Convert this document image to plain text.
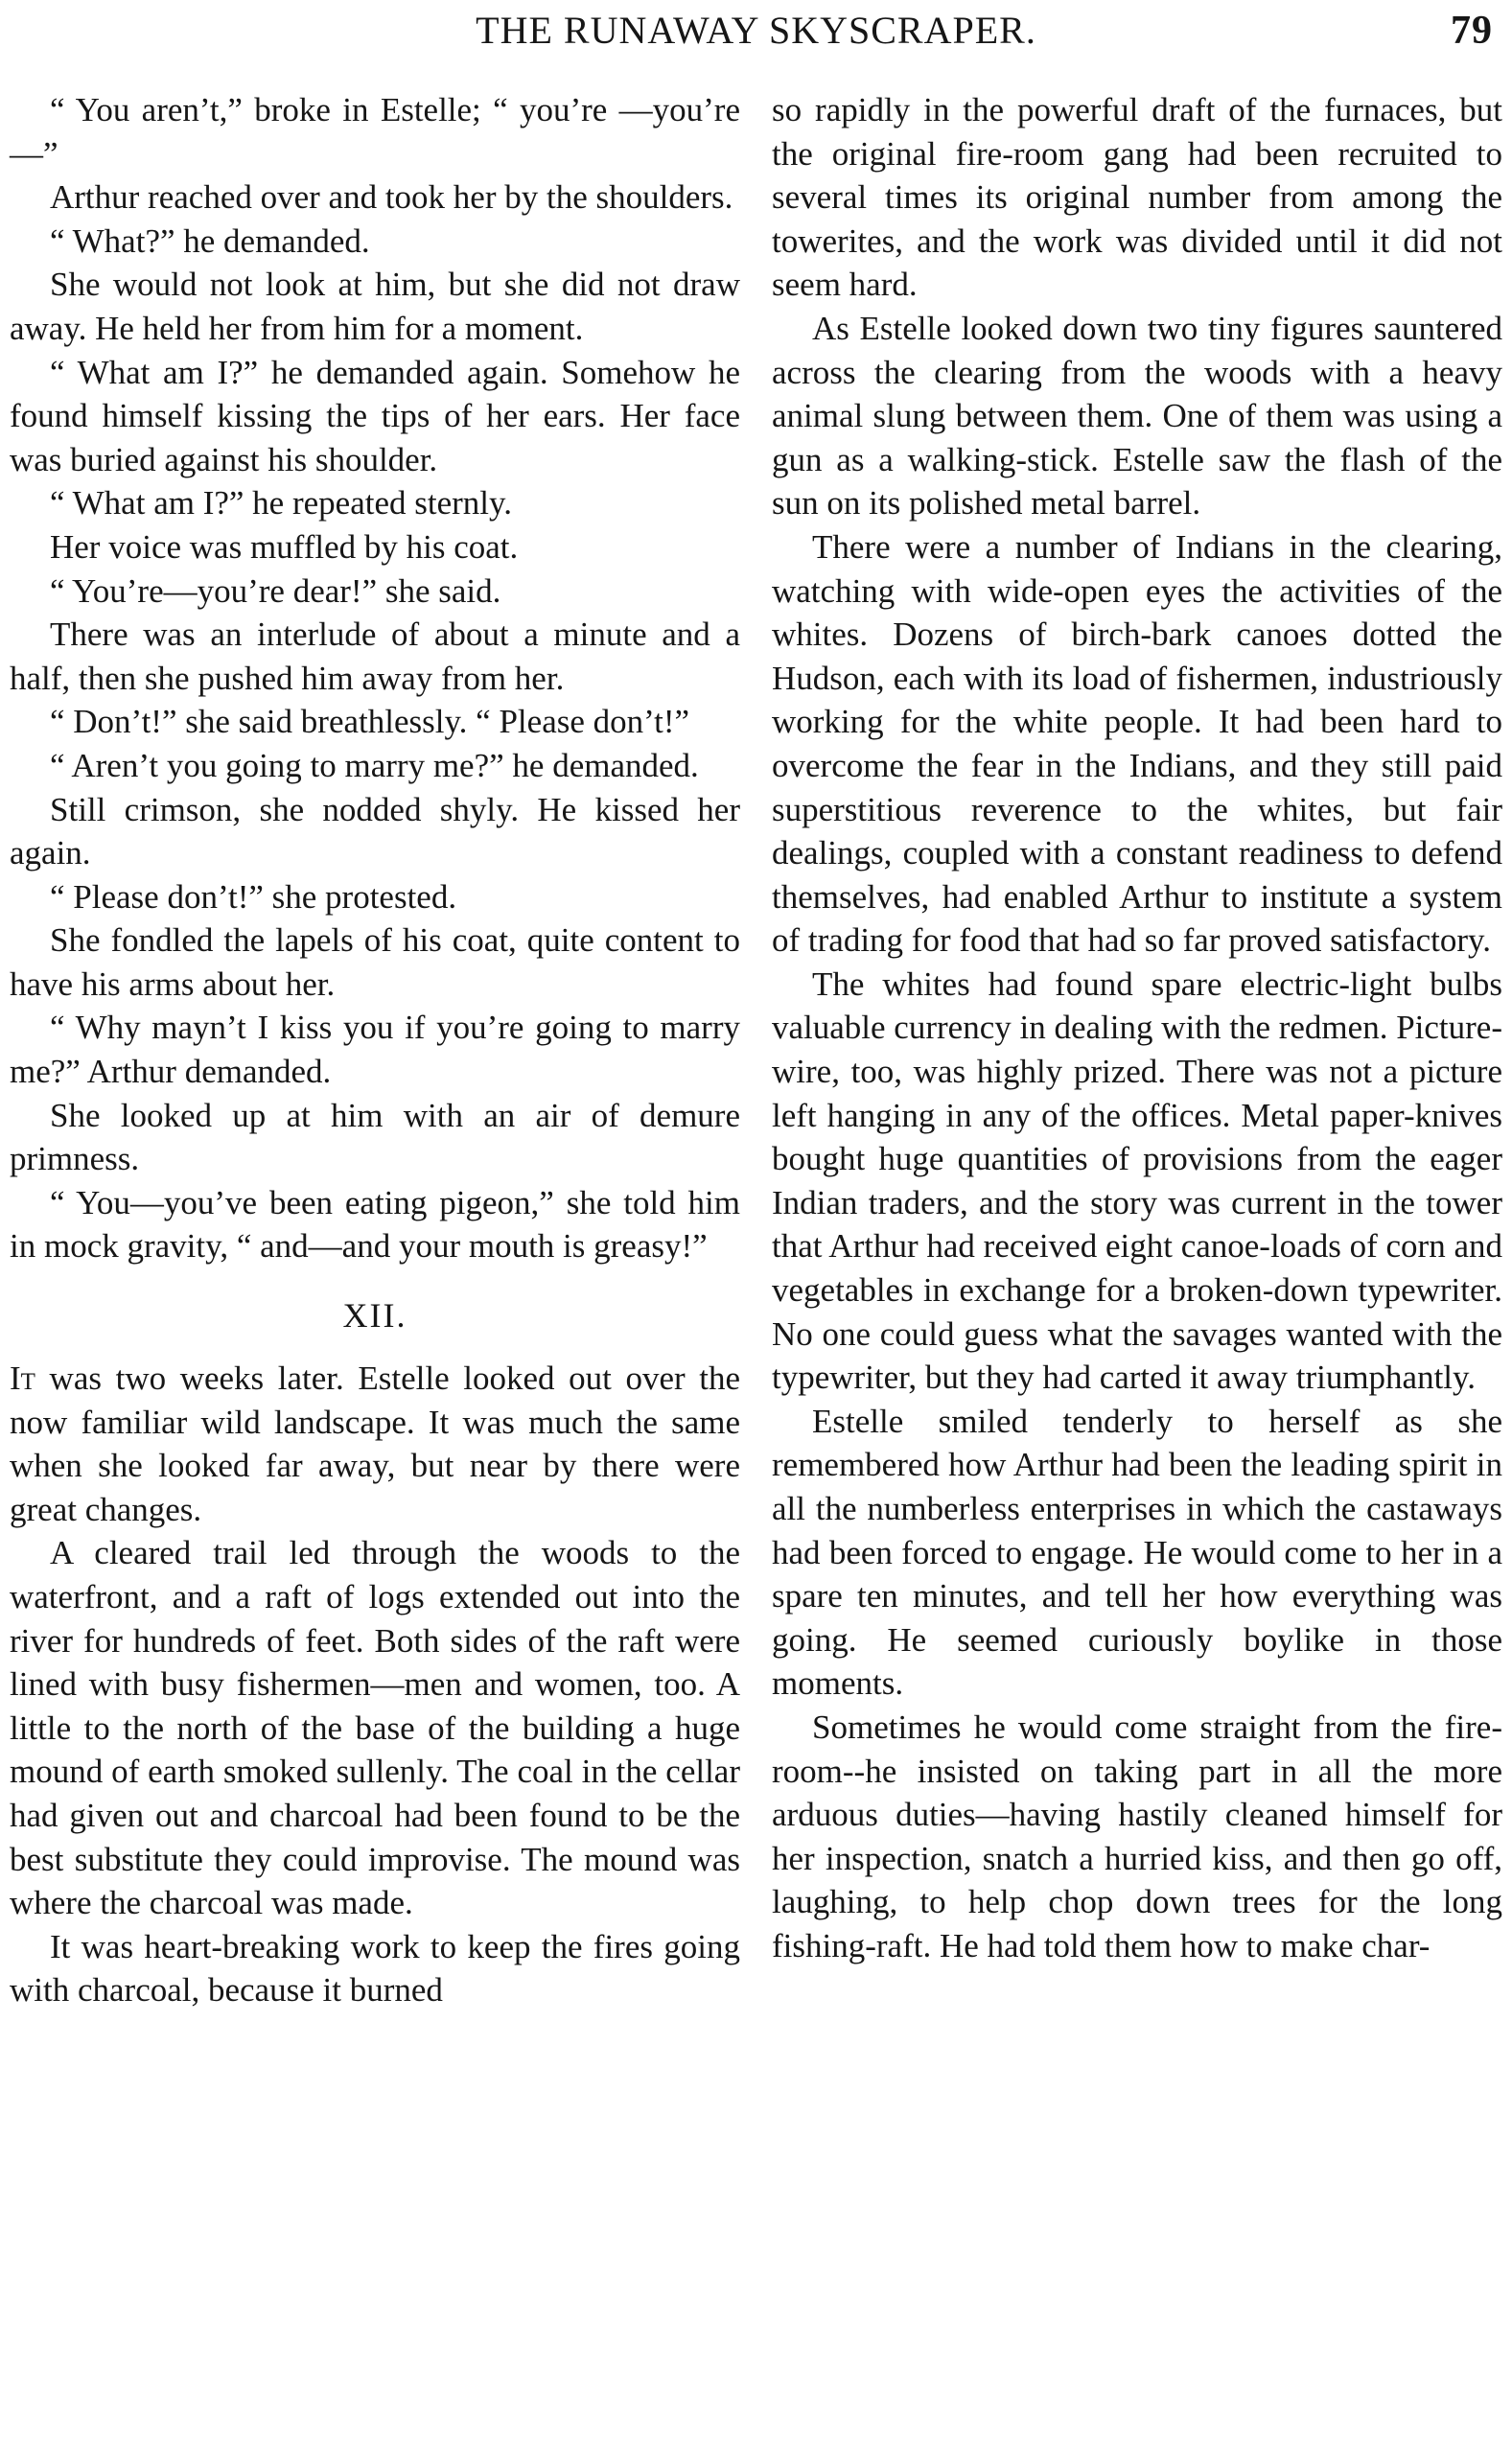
THE RUNAWAY SKYSCRAPER.	79

“ You aren’t,” broke in Estelle; “ you’re —you’re—”

Arthur reached over and took her by the shoulders.

“ What?” he demanded.

She would not look at him, but she did not draw away. He held her from him for a moment.

“ What am I?” he demanded again. Somehow he found himself kissing the tips of her ears. Her face was buried against his shoulder.

“ What am I?” he repeated sternly.

Her voice was muffled by his coat.

“ You’re—you’re dear!” she said.

There was an interlude of about a minute and a half, then she pushed him away from her.

“ Don’t!” she said breathlessly. “ Please don’t!”

“ Aren’t you going to marry me?” he demanded.

Still crimson, she nodded shyly. He kissed her again.

“ Please don’t!” she protested.

She fondled the lapels of his coat, quite content to have his arms about her.

“ Why mayn’t I kiss you if you’re going to marry me?” Arthur demanded.

She looked up at him with an air of demure primness.

“ You—you’ve been eating pigeon,” she told him in mock gravity, “ and—and your mouth is greasy!”

XII.

It was two weeks later. Estelle looked out over the now familiar wild landscape. It was much the same when she looked far away, but near by there were great changes.

A cleared trail led through the woods to the waterfront, and a raft of logs extended out into the river for hundreds of feet. Both sides of the raft were lined with busy fishermen—men and women, too. A little to the north of the base of the building a huge mound of earth smoked sullenly. The coal in the cellar had given out and charcoal had been found to be the best substitute they could improvise. The mound was where the charcoal was made.

It was heart-breaking work to keep the fires going with charcoal, because it burned

so rapidly in the powerful draft of the furnaces, but the original fire-room gang had been recruited to several times its original number from among the towerites, and the work was divided until it did not seem hard.

As Estelle looked down two tiny figures sauntered across the clearing from the woods with a heavy animal slung between them. One of them was using a gun as a walking-stick. Estelle saw the flash of the sun on its polished metal barrel.

There were a number of Indians in the clearing, watching with wide-open eyes the activities of the whites. Dozens of birch-bark canoes dotted the Hudson, each with its load of fishermen, industriously working for the white people. It had been hard to overcome the fear in the Indians, and they still paid superstitious reverence to the whites, but fair dealings, coupled with a constant readiness to defend themselves, had enabled Arthur to institute a system of trading for food that had so far proved satisfactory.

The whites had found spare electric-light bulbs valuable currency in dealing with the redmen. Picture-wire, too, was highly prized. There was not a picture left hanging in any of the offices. Metal paper-knives bought huge quantities of provisions from the eager Indian traders, and the story was current in the tower that Arthur had received eight canoe-loads of corn and vegetables in exchange for a broken-down typewriter. No one could guess what the savages wanted with the typewriter, but they had carted it away triumphantly.

Estelle smiled tenderly to herself as she remembered how Arthur had been the leading spirit in all the numberless enterprises in which the castaways had been forced to engage. He would come to her in a spare ten minutes, and tell her how everything was going. He seemed curiously boylike in those moments.

Sometimes he would come straight from the fire-room--he insisted on taking part in all the more arduous duties—having hastily cleaned himself for her inspection, snatch a hurried kiss, and then go off, laughing, to help chop down trees for the long fishing-raft. He had told them how to make char-
